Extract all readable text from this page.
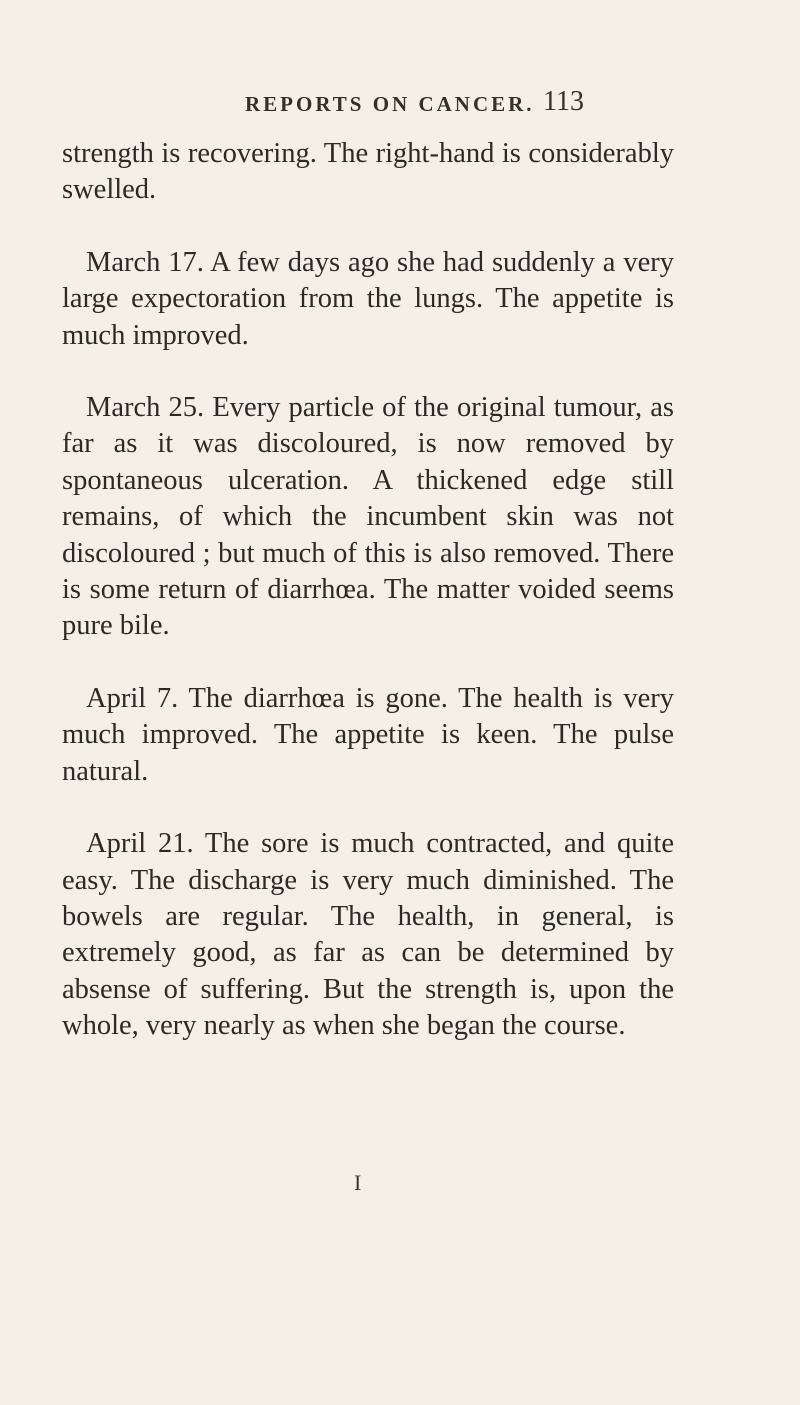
REPORTS ON CANCER. 113

strength is recovering. The right-hand is considerably swelled.

March 17. A few days ago she had suddenly a very large expectoration from the lungs. The appetite is much improved.

March 25. Every particle of the original tumour, as far as it was discoloured, is now removed by spontaneous ulceration. A thickened edge still remains, of which the incumbent skin was not discoloured ; but much of this is also removed. There is some return of diarrhœa. The matter voided seems pure bile.

April 7. The diarrhœa is gone. The health is very much improved. The appetite is keen. The pulse natural.

April 21. The sore is much contracted, and quite easy. The discharge is very much diminished. The bowels are regular. The health, in general, is extremely good, as far as can be determined by absense of suffering. But the strength is, upon the whole, very nearly as when she began the course.

I
